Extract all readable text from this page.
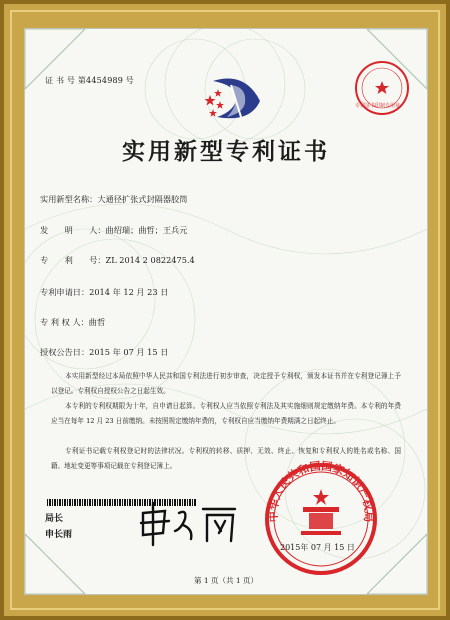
证 书 号 第4454989 号
专利证书印制专用章
实用新型专利证书
实用新型名称：大通径扩张式封隔器胶筒
发　　明　　人：曲绍瑞；曲哲；王兵元
专　　利　　号：ZL 2014 2 0822475.4
专利申请日：2014 年 12 月 23 日
专 利 权 人：曲哲
授权公告日：2015 年 07 月 15 日
本实用新型经过本局依照中华人民共和国专利法进行初步审查，决定授予专利权，颁发本证书并在专利登记簿上予以登记。专利权自授权公告之日起生效。
本专利的专利权期限为十年，自申请日起算。专利权人应当依照专利法及其实施细则规定缴纳年费。本专利的年费应当在每年 12 月 23 日前缴纳。未按照规定缴纳年费的，专利权自应当缴纳年费期满之日起终止。
专利证书记载专利权登记时的法律状况。专利权的转移、质押、无效、终止、恢复和专利权人的姓名或名称、国籍、地址变更等事项记载在专利登记簿上。
局长
申长雨
中华人民共和国国家知识产权局
2015年 07 月 15 日
第 1 页（共 1 页）
